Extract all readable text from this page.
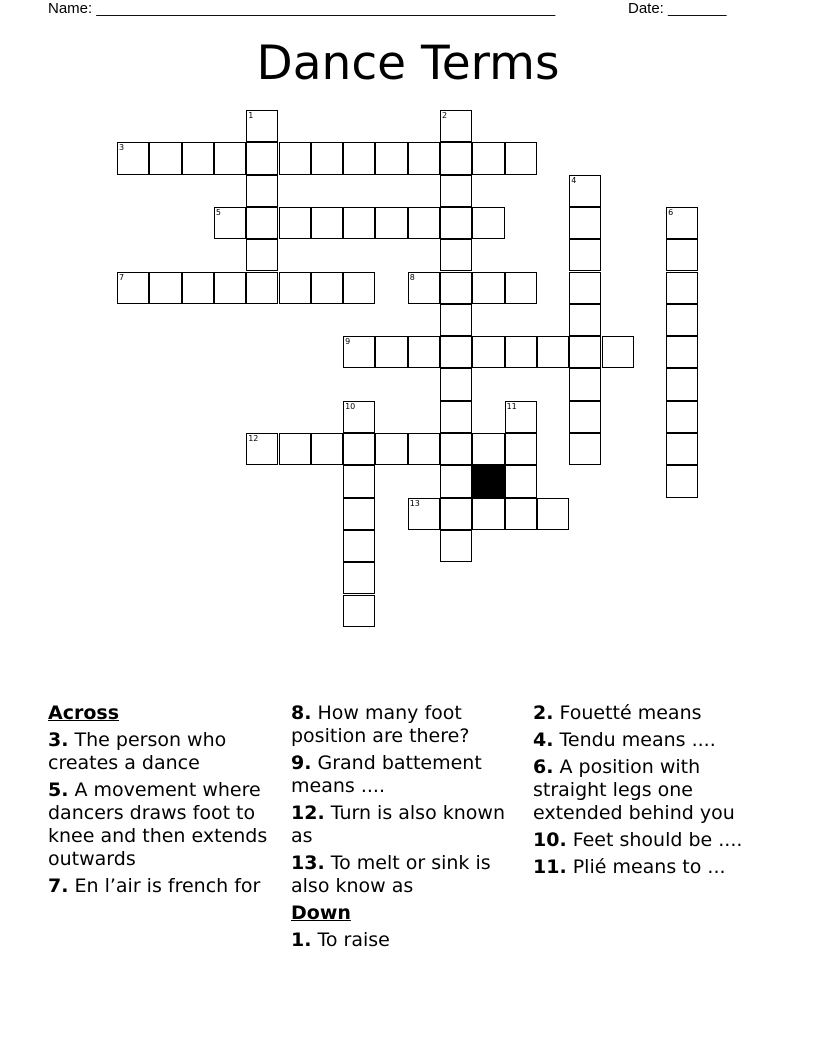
Name: _______________________________________________________	Date: _______
Dance Terms
1	2
3
4
5	6
7	8
9
10	11
12
13
Across
3. The person who creates a dance
5. A movement where dancers draws foot to knee and then extends outwards
7. En l’air is french for
8. How many foot position are there?
9. Grand battement means ....
12. Turn is also known as
13. To melt or sink is also know as
Down
1. To raise
2. Fouetté means
4. Tendu means ....
6. A position with straight legs one extended behind you
10. Feet should be ....
11. Plié means to ...
